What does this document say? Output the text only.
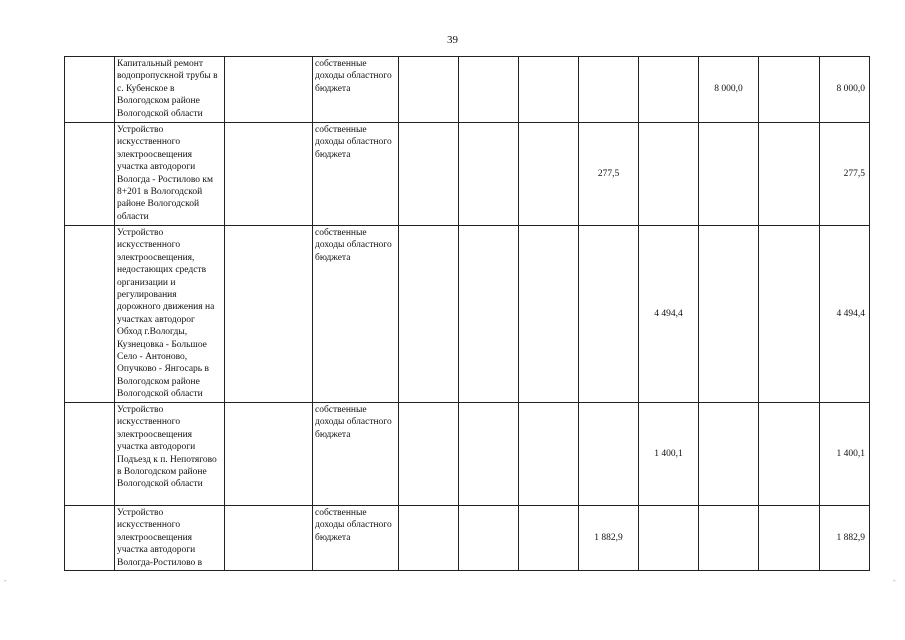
39
	Капитальный ремонт водопропускной трубы в с. Кубенское в Вологодском районе Вологодской области		собственные доходы областного бюджета						8 000,0		8 000,0
	Устройство искусственного электроосвещения участка автодороги Вологда - Ростилово км 8+201 в Вологодской районе Вологодской области		собственные доходы областного бюджета				277,5				277,5
	Устройство искусственного электроосвещения, недостающих средств организации и регулирования дорожного движения на участках автодорог Обход г.Вологды, Кузнецовка - Большое Село - Антоново, Опучково - Янгосарь в Вологодском районе Вологодской области		собственные доходы областного бюджета					4 494,4			4 494,4
	Устройство искусственного электроосвещения участка автодороги Подъезд к п. Непотягово в Вологодском районе Вологодской области		собственные доходы областного бюджета					1 400,1			1 400,1
	Устройство искусственного электроосвещения участка автодороги Вологда-Ростилово в		собственные доходы областного бюджета				1 882,9				1 882,9
-	-
